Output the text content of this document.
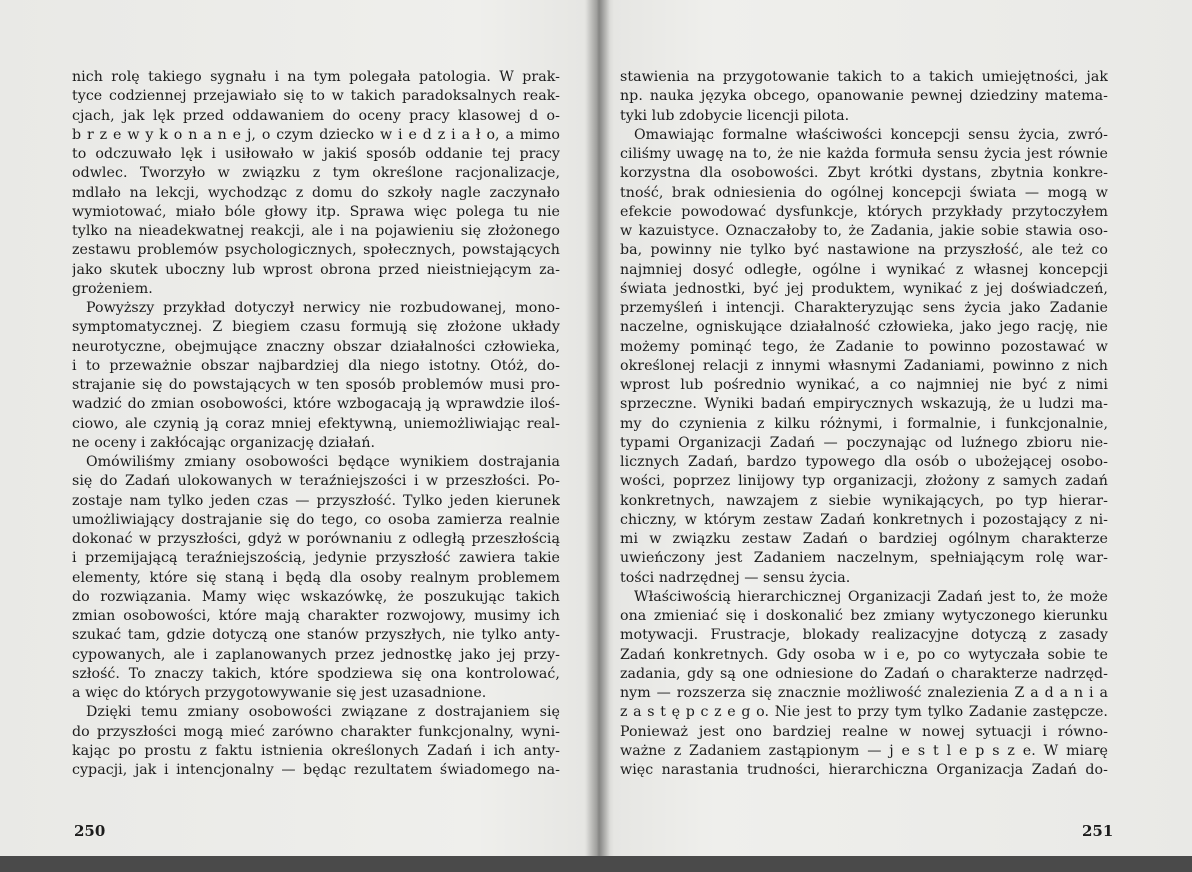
nich rolę takiego sygnału i na tym polegała patologia. W prak-
tyce codziennej przejawiało się to w takich paradoksalnych reak-
cjach, jak lęk przed oddawaniem do oceny pracy klasowej d o-
b r z e w y k o n a n e j, o czym dziecko w i e d z i a ł o, a mimo
to odczuwało lęk i usiłowało w jakiś sposób oddanie tej pracy
odwlec. Tworzyło w związku z tym określone racjonalizacje,
mdlało na lekcji, wychodząc z domu do szkoły nagle zaczynało
wymiotować, miało bóle głowy itp. Sprawa więc polega tu nie
tylko na nieadekwatnej reakcji, ale i na pojawieniu się złożonego
zestawu problemów psychologicznych, społecznych, powstających
jako skutek uboczny lub wprost obrona przed nieistniejącym za-
grożeniem.
Powyższy przykład dotyczył nerwicy nie rozbudowanej, mono-
symptomatycznej. Z biegiem czasu formują się złożone układy
neurotyczne, obejmujące znaczny obszar działalności człowieka,
i to przeważnie obszar najbardziej dla niego istotny. Otóż, do-
strajanie się do powstających w ten sposób problemów musi pro-
wadzić do zmian osobowości, które wzbogacają ją wprawdzie iloś-
ciowo, ale czynią ją coraz mniej efektywną, uniemożliwiając real-
ne oceny i zakłócając organizację działań.
Omówiliśmy zmiany osobowości będące wynikiem dostrajania
się do Zadań ulokowanych w teraźniejszości i w przeszłości. Po-
zostaje nam tylko jeden czas — przyszłość. Tylko jeden kierunek
umożliwiający dostrajanie się do tego, co osoba zamierza realnie
dokonać w przyszłości, gdyż w porównaniu z odległą przeszłością
i przemijającą teraźniejszością, jedynie przyszłość zawiera takie
elementy, które się staną i będą dla osoby realnym problemem
do rozwiązania. Mamy więc wskazówkę, że poszukując takich
zmian osobowości, które mają charakter rozwojowy, musimy ich
szukać tam, gdzie dotyczą one stanów przyszłych, nie tylko anty-
cypowanych, ale i zaplanowanych przez jednostkę jako jej przy-
szłość. To znaczy takich, które spodziewa się ona kontrolować,
a więc do których przygotowywanie się jest uzasadnione.
Dzięki temu zmiany osobowości związane z dostrajaniem się
do przyszłości mogą mieć zarówno charakter funkcjonalny, wyni-
kając po prostu z faktu istnienia określonych Zadań i ich anty-
cypacji, jak i intencjonalny — będąc rezultatem świadomego na-
stawienia na przygotowanie takich to a takich umiejętności, jak
np. nauka języka obcego, opanowanie pewnej dziedziny matema-
tyki lub zdobycie licencji pilota.
Omawiając formalne właściwości koncepcji sensu życia, zwró-
ciliśmy uwagę na to, że nie każda formuła sensu życia jest równie
korzystna dla osobowości. Zbyt krótki dystans, zbytnia konkre-
tność, brak odniesienia do ogólnej koncepcji świata — mogą w
efekcie powodować dysfunkcje, których przykłady przytoczyłem
w kazuistyce. Oznaczałoby to, że Zadania, jakie sobie stawia oso-
ba, powinny nie tylko być nastawione na przyszłość, ale też co
najmniej dosyć odległe, ogólne i wynikać z własnej koncepcji
świata jednostki, być jej produktem, wynikać z jej doświadczeń,
przemyśleń i intencji. Charakteryzując sens życia jako Zadanie
naczelne, ogniskujące działalność człowieka, jako jego rację, nie
możemy pominąć tego, że Zadanie to powinno pozostawać w
określonej relacji z innymi własnymi Zadaniami, powinno z nich
wprost lub pośrednio wynikać, a co najmniej nie być z nimi
sprzeczne. Wyniki badań empirycznych wskazują, że u ludzi ma-
my do czynienia z kilku różnymi, i formalnie, i funkcjonalnie,
typami Organizacji Zadań — poczynając od luźnego zbioru nie-
licznych Zadań, bardzo typowego dla osób o ubożejącej osobo-
wości, poprzez linijowy typ organizacji, złożony z samych zadań
konkretnych, nawzajem z siebie wynikających, po typ hierar-
chiczny, w którym zestaw Zadań konkretnych i pozostający z ni-
mi w związku zestaw Zadań o bardziej ogólnym charakterze
uwieńczony jest Zadaniem naczelnym, spełniającym rolę war-
tości nadrzędnej — sensu życia.
Właściwością hierarchicznej Organizacji Zadań jest to, że może
ona zmieniać się i doskonalić bez zmiany wytyczonego kierunku
motywacji. Frustracje, blokady realizacyjne dotyczą z zasady
Zadań konkretnych. Gdy osoba w i e, po co wytyczała sobie te
zadania, gdy są one odniesione do Zadań o charakterze nadrzęd-
nym — rozszerza się znacznie możliwość znalezienia Z a d a n i a
z a s t ę p c z e g o. Nie jest to przy tym tylko Zadanie zastępcze.
Ponieważ jest ono bardziej realne w nowej sytuacji i równo-
ważne z Zadaniem zastąpionym — j e s t l e p s z e. W miarę
więc narastania trudności, hierarchiczna Organizacja Zadań do-
250	251
